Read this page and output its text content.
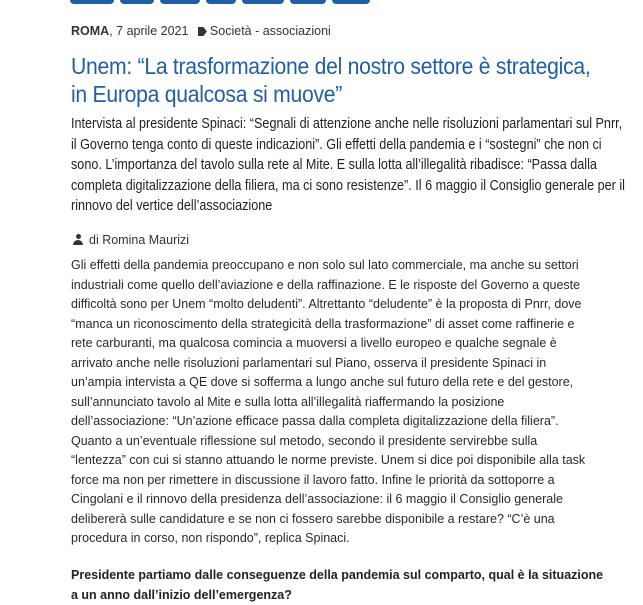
ROMA, 7 aprile 2021 Società - associazioni
Unem: “La trasformazione del nostro settore è strategica, in Europa qualcosa si muove”

Intervista al presidente Spinaci: “Segnali di attenzione anche nelle risoluzioni parlamentari sul Pnrr, il Governo tenga conto di queste indicazioni”. Gli effetti della pandemia e i “sostegni” che non ci sono. L’importanza del tavolo sulla rete al Mite. E sulla lotta all’illegalità ribadisce: “Passa dalla completa digitalizzazione della filiera, ma ci sono resistenze”. Il 6 maggio il Consiglio generale per il rinnovo del vertice dell’associazione

di Romina Maurizi

Gli effetti della pandemia preoccupano e non solo sul lato commerciale, ma anche su settori industriali come quello dell’aviazione e della raffinazione. E le risposte del Governo a queste difficoltà sono per Unem “molto deludenti”. Altrettanto “deludente” è la proposta di Pnrr, dove “manca un riconoscimento della strategicità della trasformazione” di asset come raffinerie e rete carburanti, ma qualcosa comincia a muoversi a livello europeo e qualche segnale è arrivato anche nelle risoluzioni parlamentari sul Piano, osserva il presidente Spinaci in un’ampia intervista a QE dove si sofferma a lungo anche sul futuro della rete e del gestore, sull’annunciato tavolo al Mite e sulla lotta all’illegalità riaffermando la posizione dell’associazione: “Un’azione efficace passa dalla completa digitalizzazione della filiera”. Quanto a un’eventuale riflessione sul metodo, secondo il presidente servirebbe sulla “lentezza” con cui si stanno attuando le norme previste. Unem si dice poi disponibile alla task force ma non per rimettere in discussione il lavoro fatto. Infine le priorità da sottoporre a Cingolani e il rinnovo della presidenza dell’associazione: il 6 maggio il Consiglio generale delibererà sulle candidature e se non ci fossero sarebbe disponibile a restare? “C’è una procedura in corso, non rispondo”, replica Spinaci.

Presidente partiamo dalle conseguenze della pandemia sul comparto, qual è la situazione a un anno dall’inizio dell’emergenza?
